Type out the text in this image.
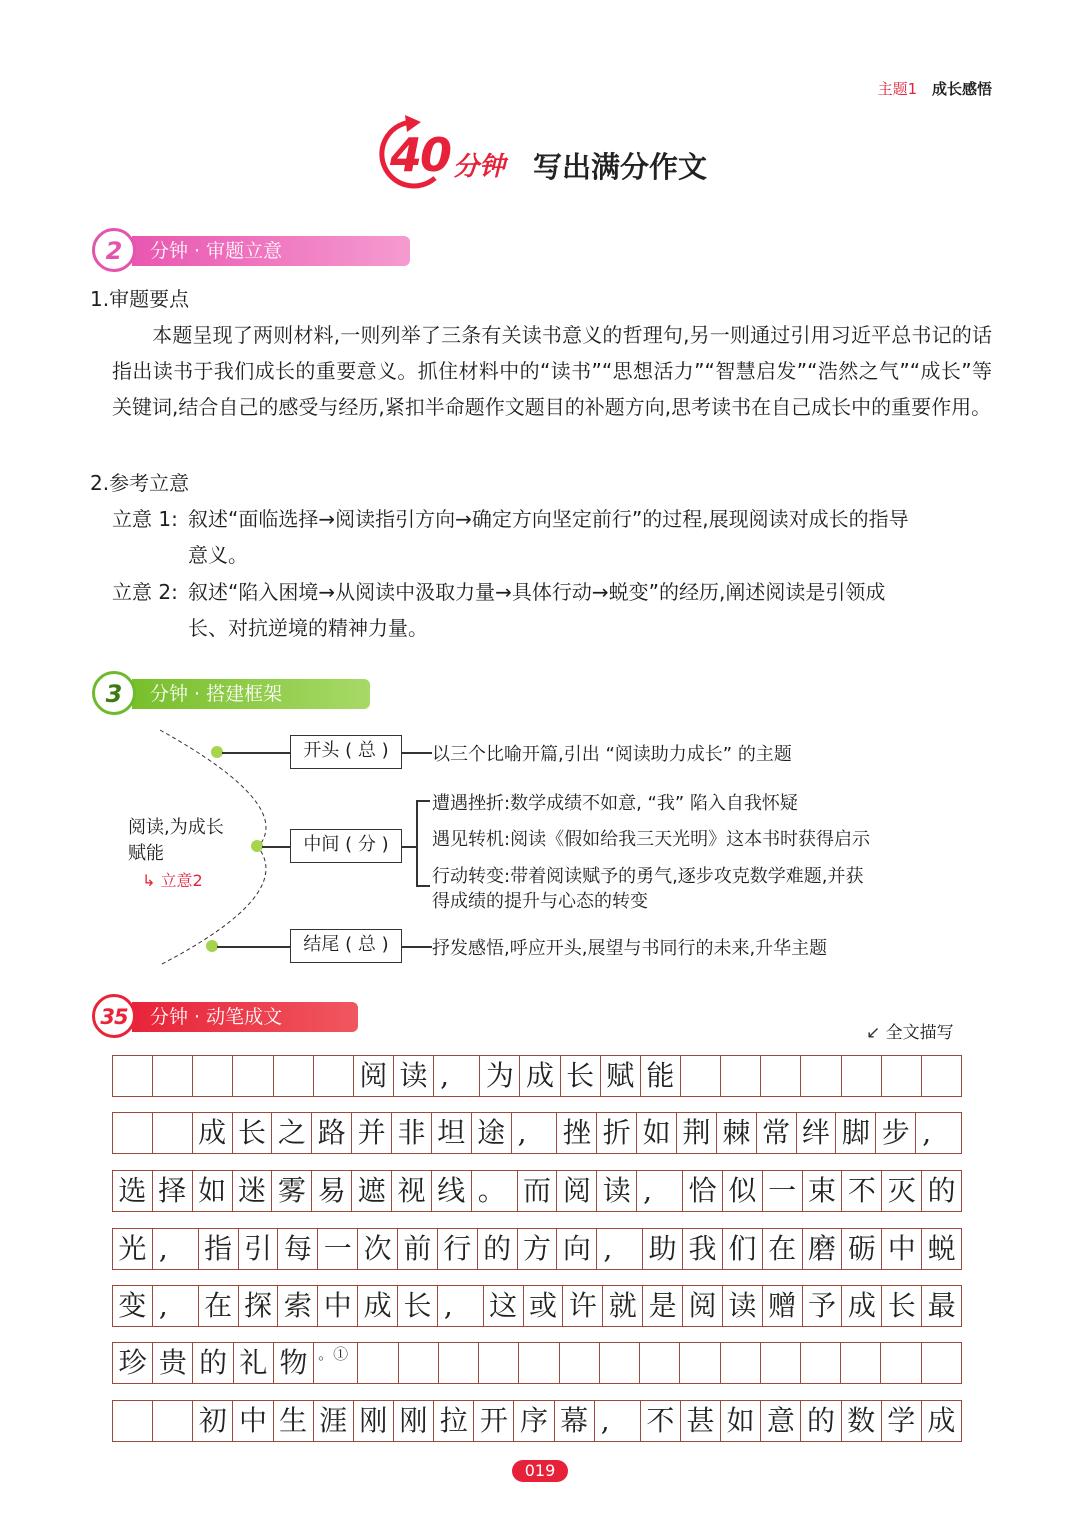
主题1 成长感悟
40 分钟 写出满分作文
分钟 · 审题立意
2
1.审题要点
本题呈现了两则材料,一则列举了三条有关读书意义的哲理句,另一则通过引用习近平总书记的话指出读书于我们成长的重要意义。抓住材料中的“读书”“思想活力”“智慧启发”“浩然之气”“成长”等关键词,结合自己的感受与经历,紧扣半命题作文题目的补题方向,思考读书在自己成长中的重要作用。
2.参考立意
立意 1: 叙述“面临选择→阅读指引方向→确定方向坚定前行”的过程,展现阅读对成长的指导
意义。
立意 2: 叙述“陷入困境→从阅读中汲取力量→具体行动→蜕变”的经历,阐述阅读是引领成
长、对抗逆境的精神力量。
分钟 · 搭建框架
3
阅读,为成长
赋能
↳ 立意2
开头 ( 总 )
中间 ( 分 )
结尾 ( 总 )
以三个比喻开篇,引出 “阅读助力成长” 的主题
遭遇挫折:数学成绩不如意, “我” 陷入自我怀疑
遇见转机:阅读《假如给我三天光明》这本书时获得启示
行动转变:带着阅读赋予的勇气,逐步攻克数学难题,并获
得成绩的提升与心态的转变
抒发感悟,呼应开头,展望与书同行的未来,升华主题
分钟 · 动笔成文
35
↙ 全文描写
阅 读 ,	为 成 长 赋 能
成 长 之 路 并 非 坦 途 ,	挫 折 如 荆 棘 常 绊 脚 步 ,
选 择 如 迷 雾 易 遮 视 线 。 而 阅 读 ,	恰 似 一 束 不 灭 的
光 ,	指 引 每 一 次 前 行 的 方 向 ,	助 我 们 在 磨 砺 中 蜕
变 ,	在 探 索 中 成 长 ,	这 或 许 就 是 阅 读 赠 予 成 长 最
珍 贵 的 礼 物 。①
初 中 生 涯 刚 刚 拉 开 序 幕 ,	不 甚 如 意 的 数 学 成
019
